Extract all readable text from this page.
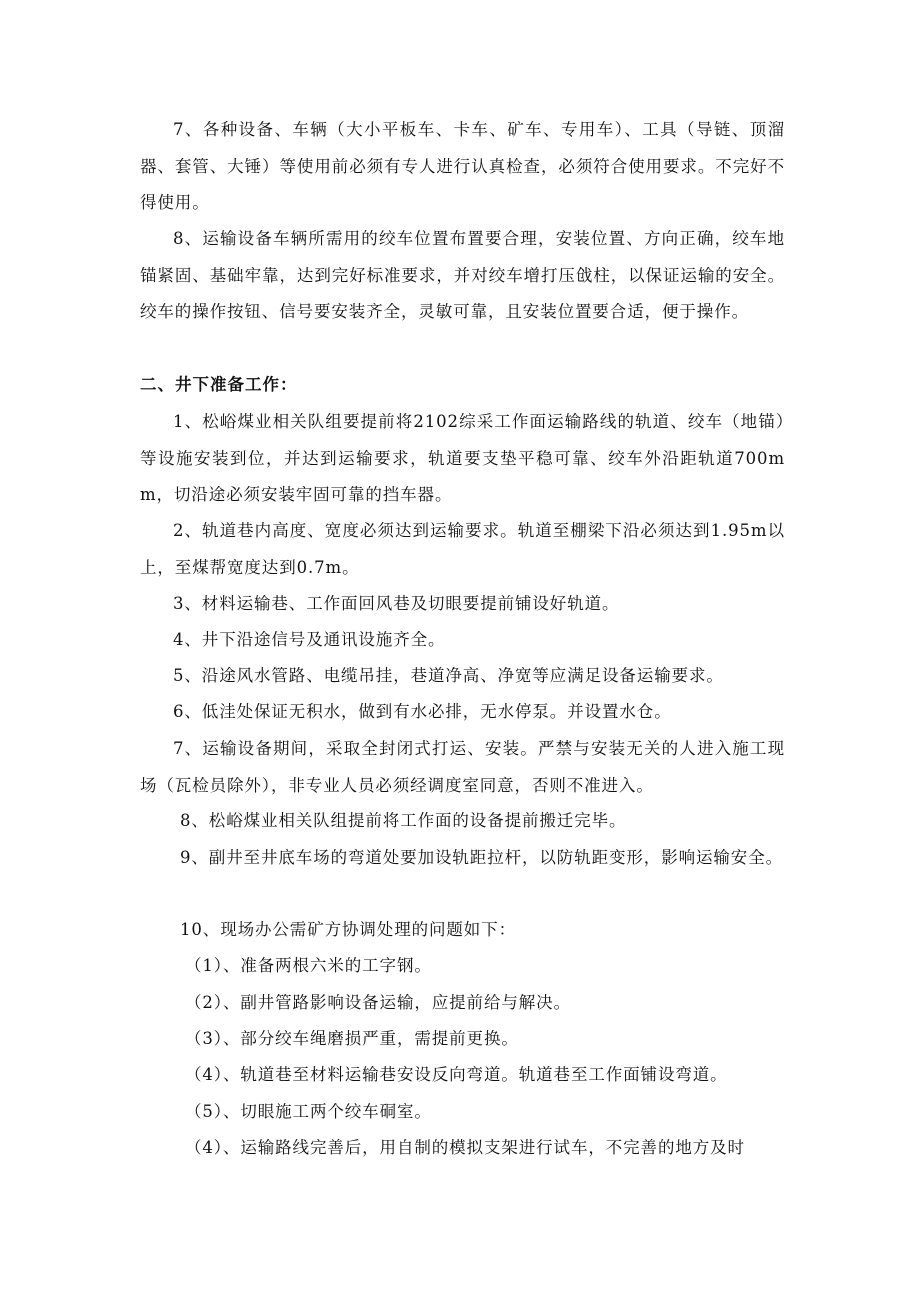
7、各种设备、车辆（大小平板车、卡车、矿车、专用车）、工具（导链、顶溜器、套管、大锤）等使用前必须有专人进行认真检查，必须符合使用要求。不完好不得使用。

8、运输设备车辆所需用的绞车位置布置要合理，安装位置、方向正确，绞车地锚紧固、基础牢靠，达到完好标准要求，并对绞车增打压戗柱，以保证运输的安全。绞车的操作按钮、信号要安装齐全，灵敏可靠，且安装位置要合适，便于操作。

二、井下准备工作：

1、松峪煤业相关队组要提前将2102综采工作面运输路线的轨道、绞车（地锚）等设施安装到位，并达到运输要求，轨道要支垫平稳可靠、绞车外沿距轨道700mm，切沿途必须安装牢固可靠的挡车器。

2、轨道巷内高度、宽度必须达到运输要求。轨道至棚梁下沿必须达到1.95m以上，至煤帮宽度达到0.7m。

3、材料运输巷、工作面回风巷及切眼要提前铺设好轨道。

4、井下沿途信号及通讯设施齐全。

5、沿途风水管路、电缆吊挂，巷道净高、净宽等应满足设备运输要求。

6、低洼处保证无积水，做到有水必排，无水停泵。并设置水仓。

7、运输设备期间，采取全封闭式打运、安装。严禁与安装无关的人进入施工现场（瓦检员除外），非专业人员必须经调度室同意，否则不准进入。

8、松峪煤业相关队组提前将工作面的设备提前搬迁完毕。

9、副井至井底车场的弯道处要加设轨距拉杆，以防轨距变形，影响运输安全。

10、现场办公需矿方协调处理的问题如下：

（1）、准备两根六米的工字钢。

（2）、副井管路影响设备运输，应提前给与解决。

（3）、部分绞车绳磨损严重，需提前更换。

（4）、轨道巷至材料运输巷安设反向弯道。轨道巷至工作面铺设弯道。

（5）、切眼施工两个绞车硐室。

（4）、运输路线完善后，用自制的模拟支架进行试车，不完善的地方及时
